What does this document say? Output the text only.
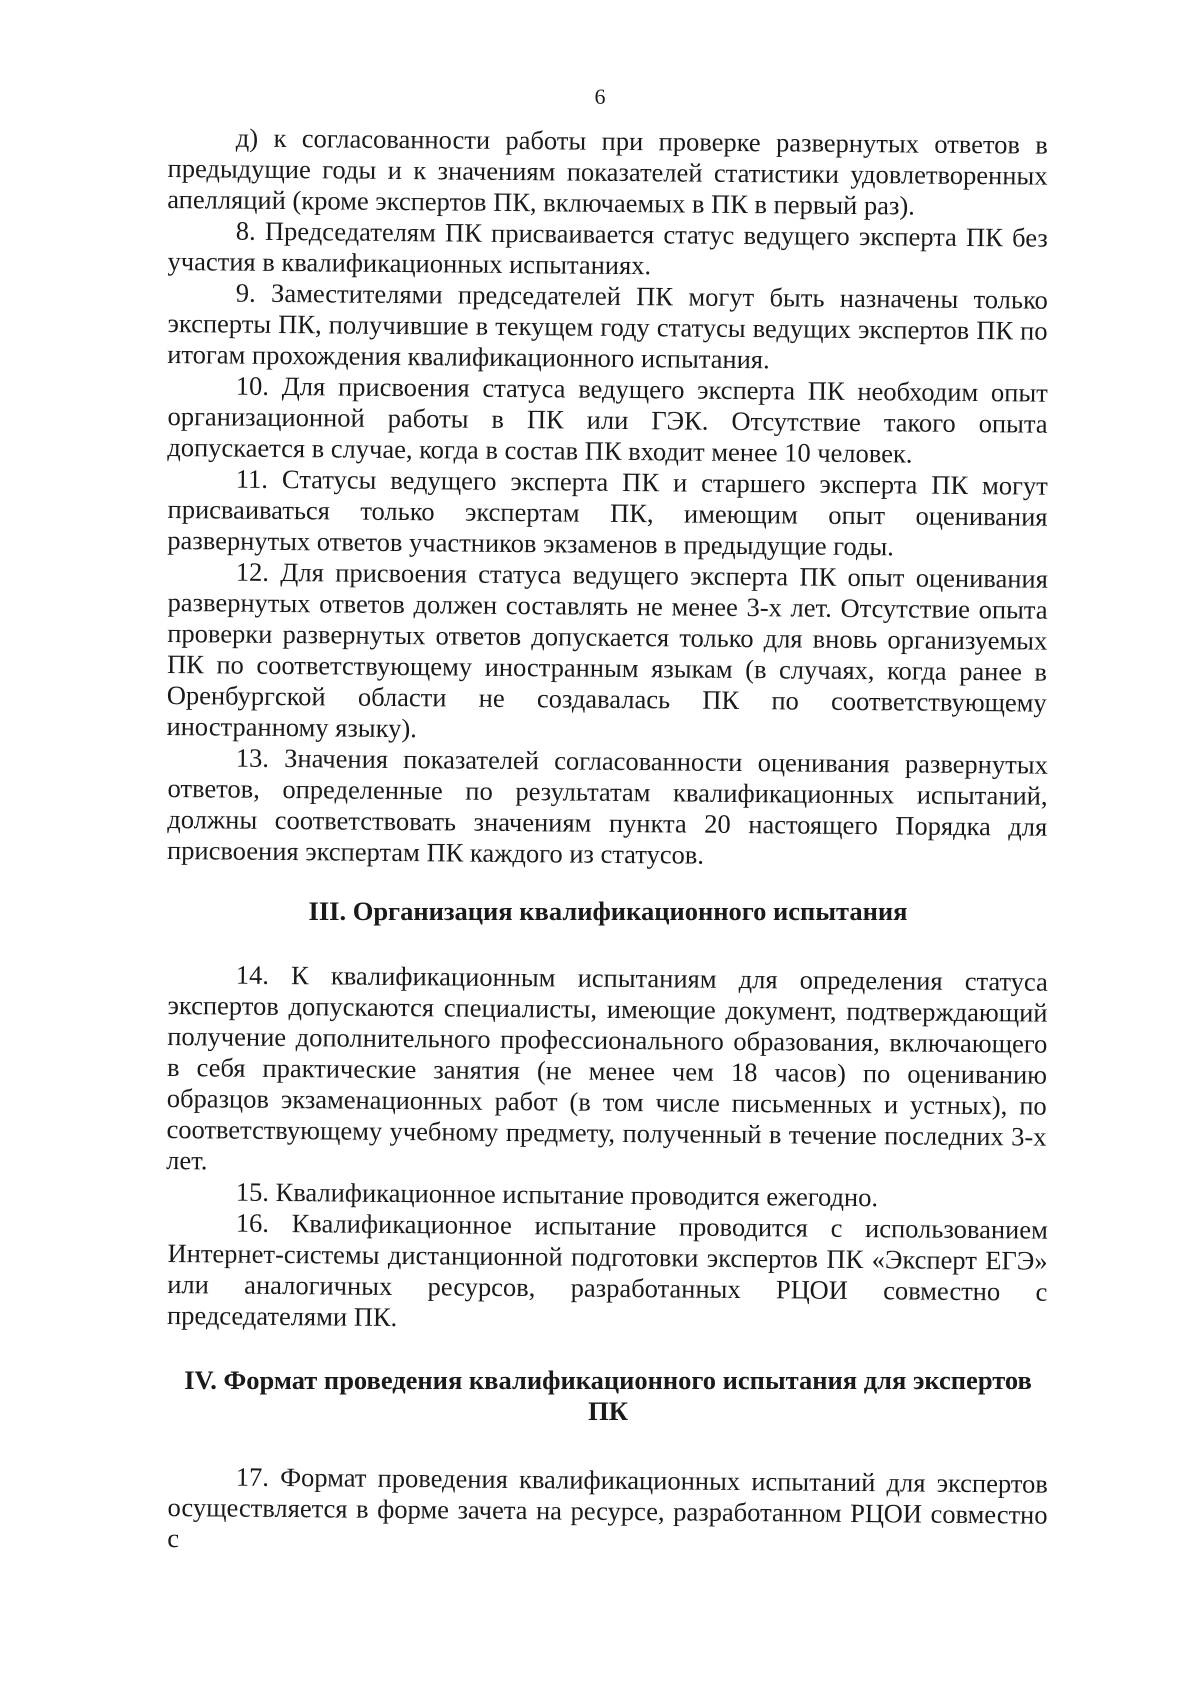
6

д) к согласованности работы при проверке развернутых ответов в предыдущие годы и к значениям показателей статистики удовлетворенных апелляций (кроме экспертов ПК, включаемых в ПК в первый раз).

8. Председателям ПК присваивается статус ведущего эксперта ПК без участия в квалификационных испытаниях.

9. Заместителями председателей ПК могут быть назначены только эксперты ПК, получившие в текущем году статусы ведущих экспертов ПК по итогам прохождения квалификационного испытания.

10. Для присвоения статуса ведущего эксперта ПК необходим опыт организационной работы в ПК или ГЭК. Отсутствие такого опыта допускается в случае, когда в состав ПК входит менее 10 человек.

11. Статусы ведущего эксперта ПК и старшего эксперта ПК могут присваиваться только экспертам ПК, имеющим опыт оценивания развернутых ответов участников экзаменов в предыдущие годы.

12. Для присвоения статуса ведущего эксперта ПК опыт оценивания развернутых ответов должен составлять не менее 3-х лет. Отсутствие опыта проверки развернутых ответов допускается только для вновь организуемых ПК по соответствующему иностранным языкам (в случаях, когда ранее в Оренбургской области не создавалась ПК по соответствующему иностранному языку).

13. Значения показателей согласованности оценивания развернутых ответов, определенные по результатам квалификационных испытаний, должны соответствовать значениям пункта 20 настоящего Порядка для присвоения экспертам ПК каждого из статусов.

III. Организация квалификационного испытания

14. К квалификационным испытаниям для определения статуса экспертов допускаются специалисты, имеющие документ, подтверждающий получение дополнительного профессионального образования, включающего в себя практические занятия (не менее чем 18 часов) по оцениванию образцов экзаменационных работ (в том числе письменных и устных), по соответствующему учебному предмету, полученный в течение последних 3-х лет.

15. Квалификационное испытание проводится ежегодно.

16. Квалификационное испытание проводится с использованием Интернет-системы дистанционной подготовки экспертов ПК «Эксперт ЕГЭ» или аналогичных ресурсов, разработанных РЦОИ совместно с председателями ПК.

IV. Формат проведения квалификационного испытания для экспертов ПК

17. Формат проведения квалификационных испытаний для экспертов осуществляется в форме зачета на ресурсе, разработанном РЦОИ совместно с
